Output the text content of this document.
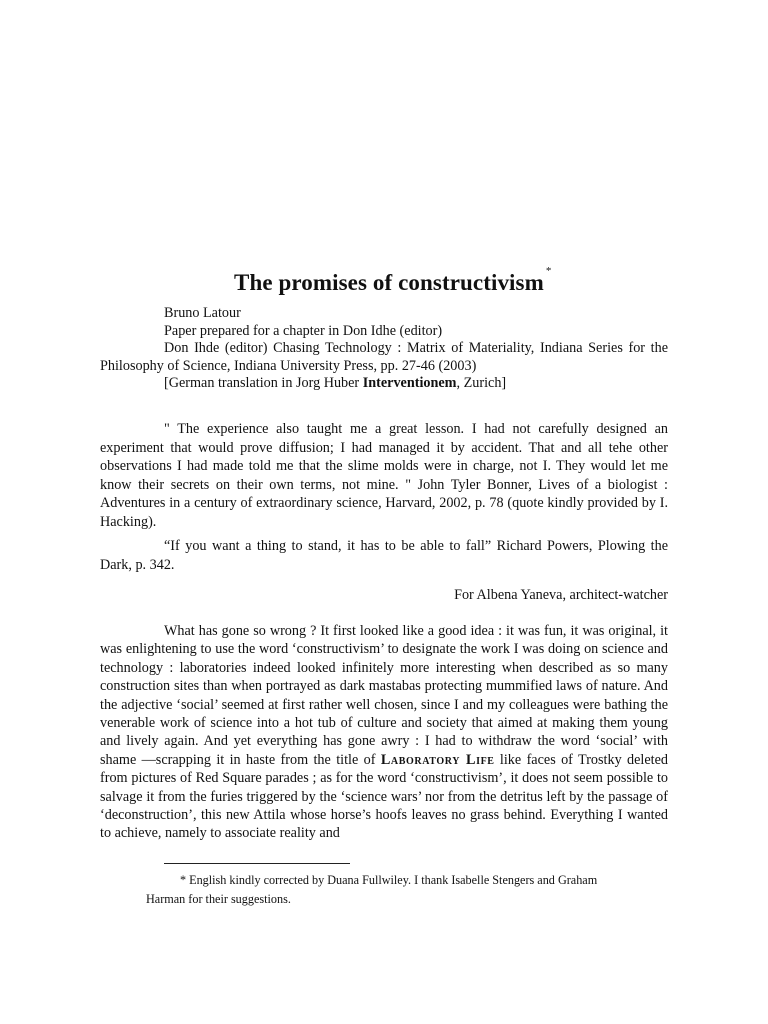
The promises of constructivism *

Bruno Latour

Paper prepared for a chapter in Don Idhe (editor)

Don Ihde (editor) Chasing Technology : Matrix of Materiality, Indiana Series for the Philosophy of Science, Indiana University Press, pp. 27-46 (2003)

[German translation in Jorg Huber Interventionem, Zurich]

" The experience also taught me a great lesson. I had not carefully designed an experiment that would prove diffusion; I had managed it by accident. That and all tehe other observations I had made told me that the slime molds were in charge, not I. They would let me know their secrets on their own terms, not mine. " John Tyler Bonner, Lives of a biologist : Adventures in a century of extraordinary science, Harvard, 2002, p. 78 (quote kindly provided by I. Hacking).

“If you want a thing to stand, it has to be able to fall” Richard Powers, Plowing the Dark, p. 342.

For Albena Yaneva, architect-watcher

What has gone so wrong ? It first looked like a good idea : it was fun, it was original, it was enlightening to use the word ‘constructivism’ to designate the work I was doing on science and technology : laboratories indeed looked infinitely more interesting when described as so many construction sites than when portrayed as dark mastabas protecting mummified laws of nature. And the adjective ‘social’ seemed at first rather well chosen, since I and my colleagues were bathing the venerable work of science into a hot tub of culture and society that aimed at making them young and lively again. And yet everything has gone awry : I had to withdraw the word ‘social’ with shame —scrapping it in haste from the title of Laboratory Life like faces of Trostky deleted from pictures of Red Square parades ; as for the word ‘constructivism’, it does not seem possible to salvage it from the furies triggered by the ‘science wars’ nor from the detritus left by the passage of ‘deconstruction’, this new Attila whose horse’s hoofs leaves no grass behind. Everything I wanted to achieve, namely to associate reality and

* English kindly corrected by Duana Fullwiley. I thank Isabelle Stengers and Graham Harman for their suggestions.
